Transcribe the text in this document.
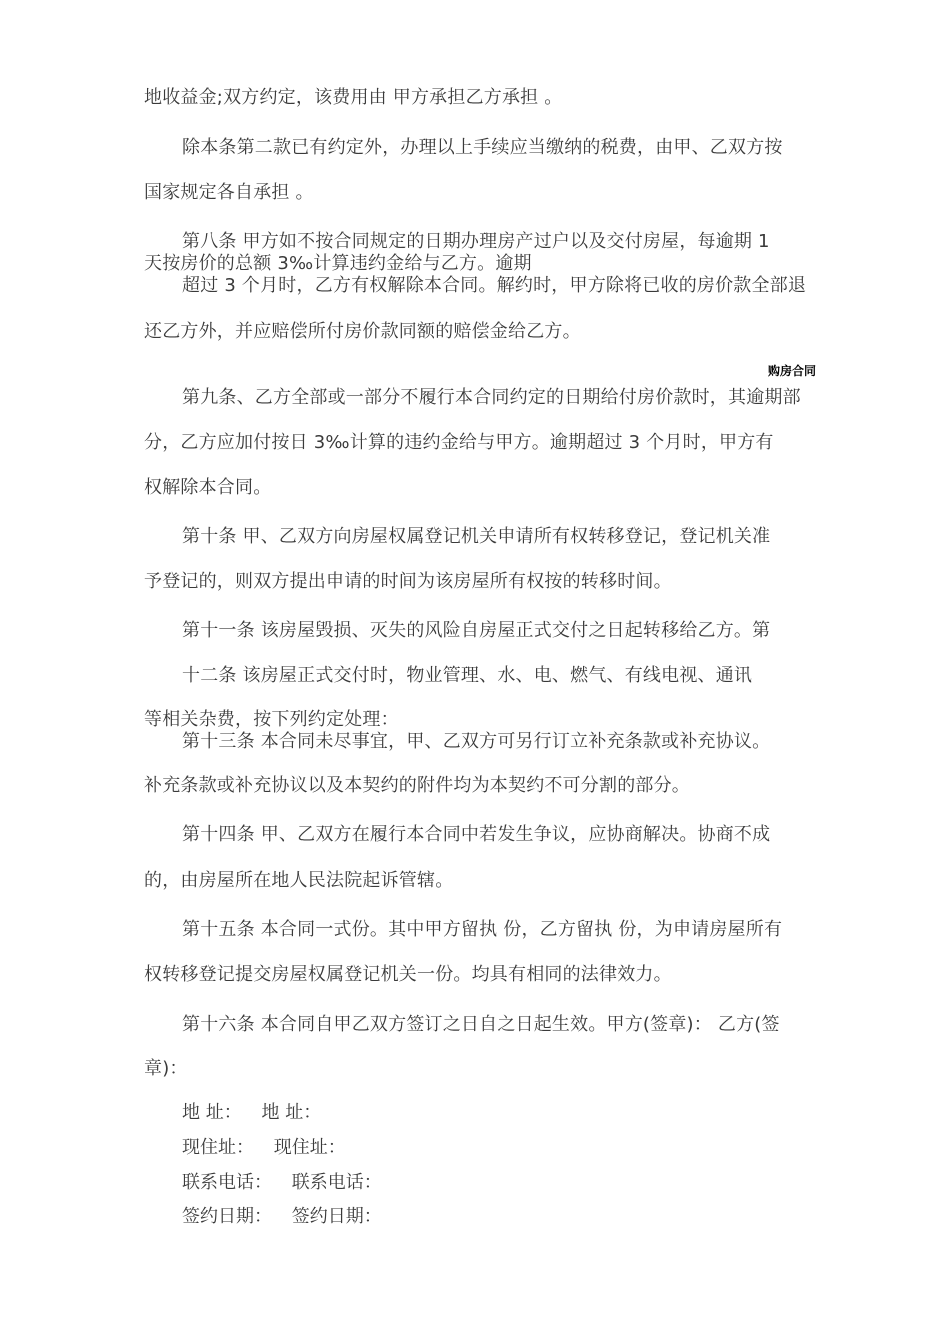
购房合同
地收益金;双方约定，该费用由 甲方承担乙方承担 。
除本条第二款已有约定外，办理以上手续应当缴纳的税费，由甲、乙双方按
国家规定各自承担 。
第八条 甲方如不按合同规定的日期办理房产过户以及交付房屋，每逾期 1
天按房价的总额 3‰计算违约金给与乙方。逾期
超过 3 个月时，乙方有权解除本合同。解约时，甲方除将已收的房价款全部退
还乙方外，并应赔偿所付房价款同额的赔偿金给乙方。
第九条、乙方全部或一部分不履行本合同约定的日期给付房价款时，其逾期部
分，乙方应加付按日 3‰计算的违约金给与甲方。逾期超过 3 个月时，甲方有
权解除本合同。
第十条 甲、乙双方向房屋权属登记机关申请所有权转移登记，登记机关准
予登记的，则双方提出申请的时间为该房屋所有权按的转移时间。
第十一条 该房屋毁损、灭失的风险自房屋正式交付之日起转移给乙方。第
十二条 该房屋正式交付时，物业管理、水、电、燃气、有线电视、通讯
等相关杂费，按下列约定处理：
第十三条 本合同未尽事宜，甲、乙双方可另行订立补充条款或补充协议。
补充条款或补充协议以及本契约的附件均为本契约不可分割的部分。
第十四条 甲、乙双方在履行本合同中若发生争议，应协商解决。协商不成
的，由房屋所在地人民法院起诉管辖。
第十五条 本合同一式份。其中甲方留执 份，乙方留执 份，为申请房屋所有
权转移登记提交房屋权属登记机关一份。均具有相同的法律效力。
第十六条 本合同自甲乙双方签订之日自之日起生效。甲方(签章)： 乙方(签
章)：
地 址： 地 址：
现住址： 现住址：
联系电话： 联系电话：
签约日期： 签约日期：
